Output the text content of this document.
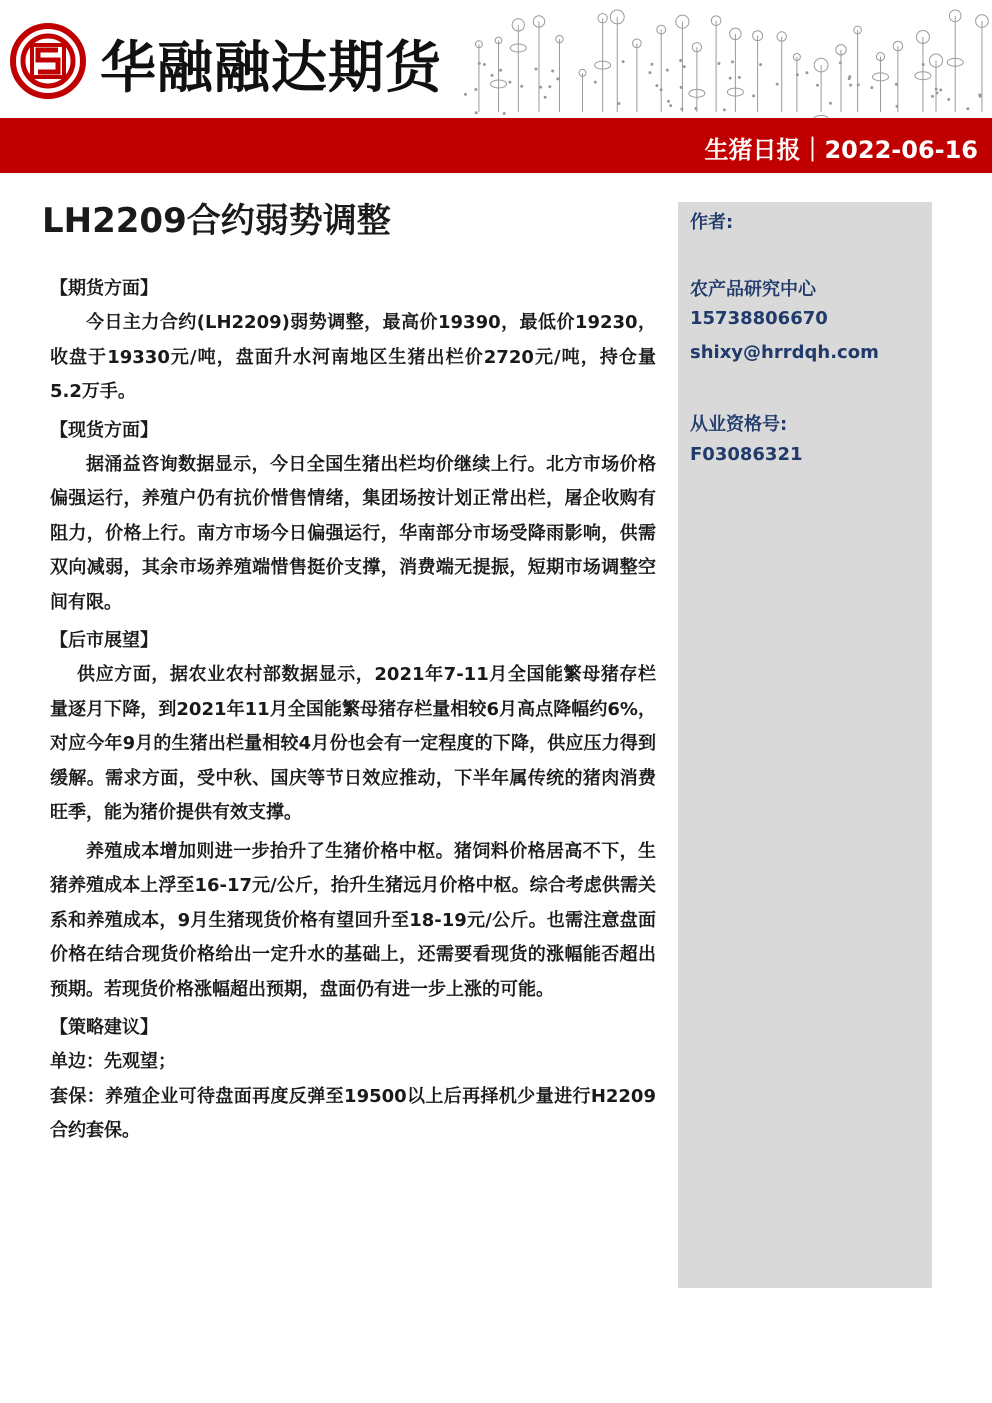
华融融达期货
生猪日报｜2022-06-16
LH2209合约弱势调整
【期货方面】
今日主力合约(LH2209)弱势调整，最高价19390，最低价19230，收盘于19330元/吨，盘面升水河南地区生猪出栏价2720元/吨，持仓量5.2万手。
【现货方面】
据涌益咨询数据显示，今日全国生猪出栏均价继续上行。北方市场价格偏强运行，养殖户仍有抗价惜售情绪，集团场按计划正常出栏，屠企收购有阻力，价格上行。南方市场今日偏强运行，华南部分市场受降雨影响，供需双向减弱，其余市场养殖端惜售挺价支撑，消费端无提振，短期市场调整空间有限。
【后市展望】
供应方面，据农业农村部数据显示，2021年7-11月全国能繁母猪存栏量逐月下降，到2021年11月全国能繁母猪存栏量相较6月高点降幅约6%，对应今年9月的生猪出栏量相较4月份也会有一定程度的下降，供应压力得到缓解。需求方面，受中秋、国庆等节日效应推动，下半年属传统的猪肉消费旺季，能为猪价提供有效支撑。
养殖成本增加则进一步抬升了生猪价格中枢。猪饲料价格居高不下，生猪养殖成本上浮至16-17元/公斤，抬升生猪远月价格中枢。综合考虑供需关系和养殖成本，9月生猪现货价格有望回升至18-19元/公斤。也需注意盘面价格在结合现货价格给出一定升水的基础上，还需要看现货的涨幅能否超出预期。若现货价格涨幅超出预期，盘面仍有进一步上涨的可能。
【策略建议】
单边：先观望；
套保：养殖企业可待盘面再度反弹至19500以上后再择机少量进行H2209合约套保。
作者:
农产品研究中心
15738806670
shixy@hrrdqh.com
从业资格号:
F03086321
